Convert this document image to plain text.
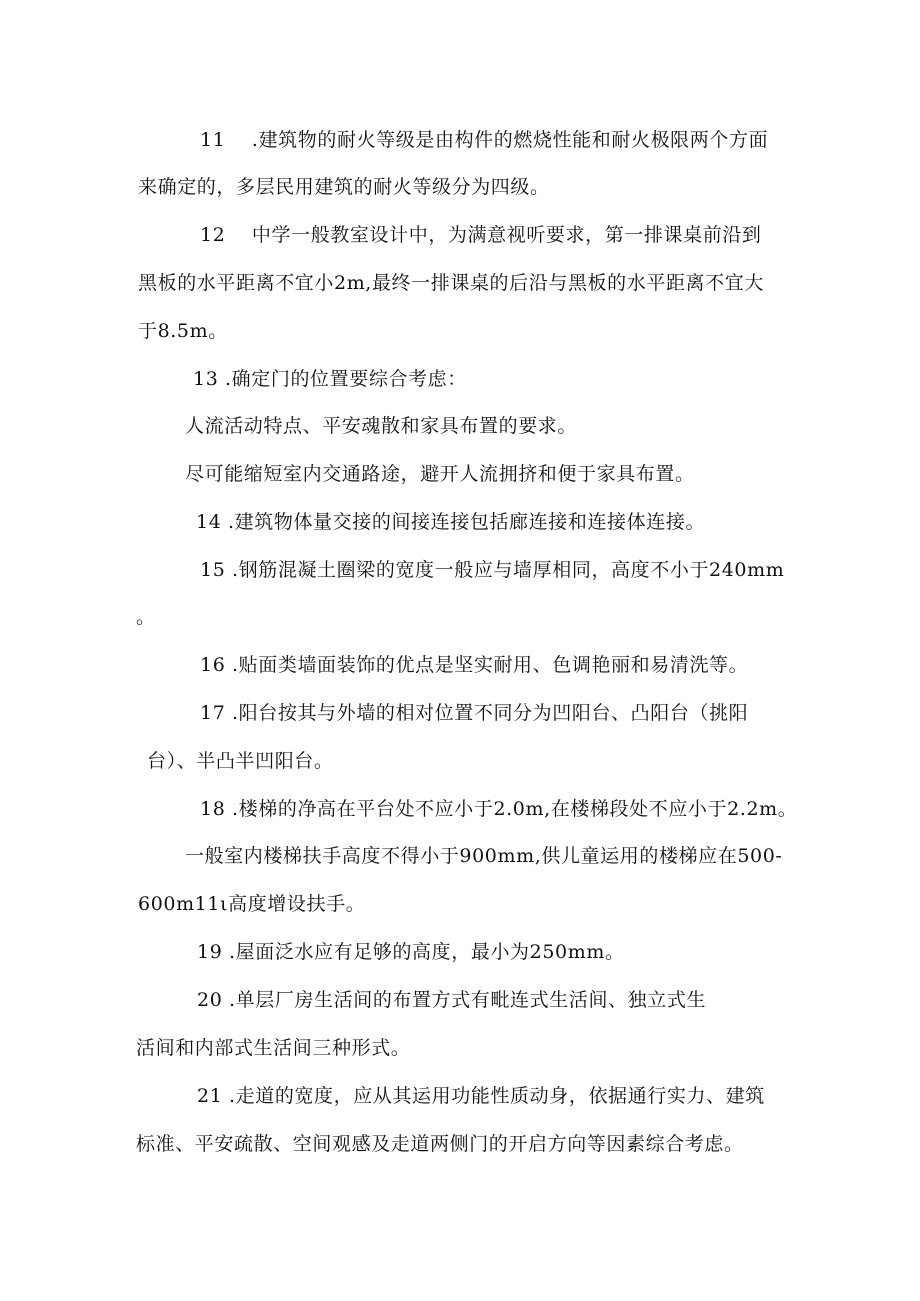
11    .建筑物的耐火等级是由构件的燃烧性能和耐火极限两个方面
来确定的，多层民用建筑的耐火等级分为四级。
12    中学一般教室设计中，为满意视听要求，第一排课桌前沿到
黑板的水平距离不宜小2m,最终一排课桌的后沿与黑板的水平距离不宜大
于8.5m。
13 .确定门的位置要综合考虑：
人流活动特点、平安魂散和家具布置的要求。
尽可能缩短室内交通路途，避开人流拥挤和便于家具布置。
14 .建筑物体量交接的间接连接包括廊连接和连接体连接。
15 .钢筋混凝土圈梁的宽度一般应与墙厚相同，高度不小于240mm
。
16 .贴面类墙面装饰的优点是坚实耐用、色调艳丽和易清洗等。
17 .阳台按其与外墙的相对位置不同分为凹阳台、凸阳台（挑阳
台）、半凸半凹阳台。
18 .楼梯的净高在平台处不应小于2.0m,在楼梯段处不应小于2.2m。
一般室内楼梯扶手高度不得小于900mm,供儿童运用的楼梯应在500-
600m11ι高度增设扶手。
19 .屋面泛水应有足够的高度，最小为250mm。
20 .单层厂房生活间的布置方式有毗连式生活间、独立式生
活间和内部式生活间三种形式。
21 .走道的宽度，应从其运用功能性质动身，依据通行实力、建筑
标准、平安疏散、空间观感及走道两侧门的开启方向等因素综合考虑。
